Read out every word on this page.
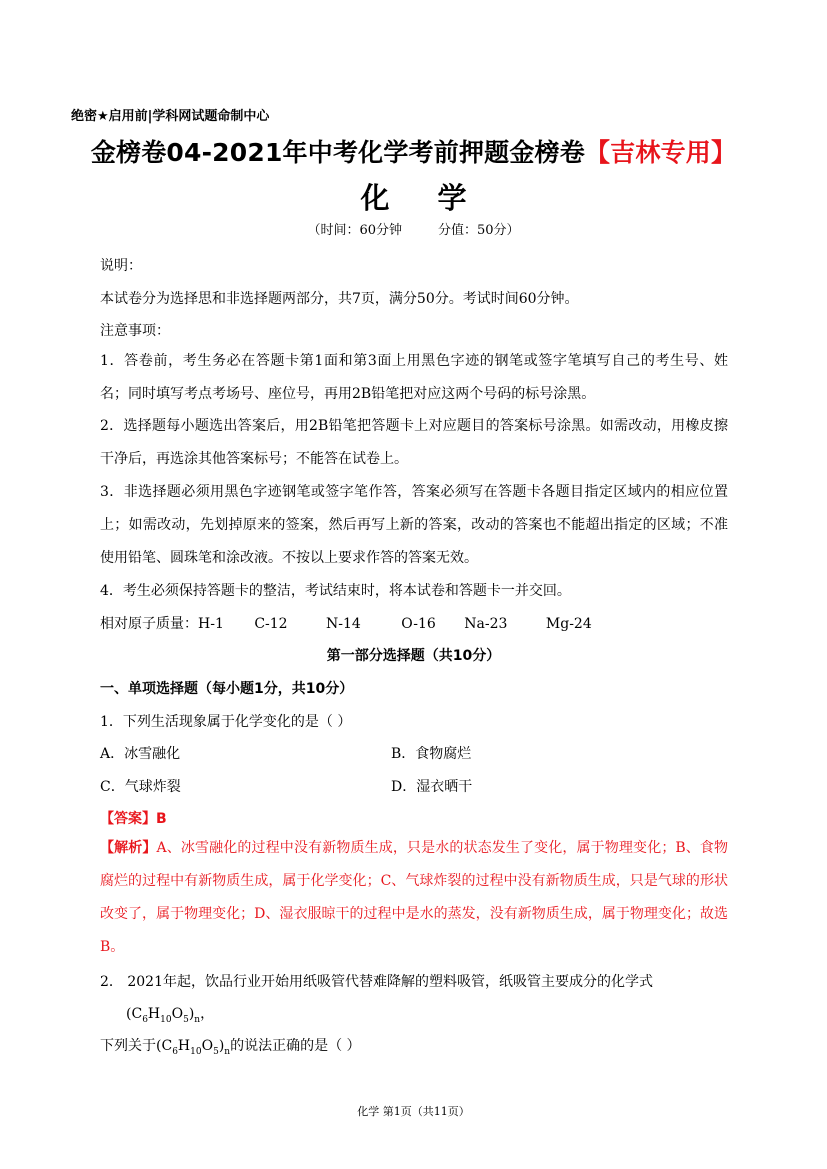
绝密★启用前|学科网试题命制中心
金榜卷04-2021年中考化学考前押题金榜卷【吉林专用】
化 学
（时间：60分钟	分值：50分）
说明：
本试卷分为选择思和非选择题两部分，共7页，满分50分。考试时间60分钟。
注意事项：
1．答卷前，考生务必在答题卡第1面和第3面上用黑色字迹的钢笔或签字笔填写自己的考生号、姓名；同时填写考点考场号、座位号，再用2B铅笔把对应这两个号码的标号涂黑。
2．选择题每小题选出答案后，用2B铅笔把答题卡上对应题目的答案标号涂黑。如需改动，用橡皮擦干净后，再选涂其他答案标号；不能答在试卷上。
3．非选择题必须用黑色字迹钢笔或签字笔作答，答案必须写在答题卡各题目指定区域内的相应位置上；如需改动，先划掉原来的签案，然后再写上新的答案，改动的答案也不能超出指定的区域；不准使用铅笔、圆珠笔和涂改液。不按以上要求作答的答案无效。
4．考生必须保持答题卡的整洁，考试结束时，将本试卷和答题卡一并交回。
相对原子质量：H-1 C-12	N-14	O-16 Na-23	Mg-24
第一部分选择题（共10分）
一、单项选择题（每小题1分，共10分）
1．下列生活现象属于化学变化的是（ ）
A．冰雪融化	B．食物腐烂
C．气球炸裂	D．湿衣晒干
【答案】B
【解析】A、冰雪融化的过程中没有新物质生成，只是水的状态发生了变化，属于物理变化；B、食物腐烂的过程中有新物质生成，属于化学变化；C、气球炸裂的过程中没有新物质生成，只是气球的形状改变了，属于物理变化；D、湿衣服晾干的过程中是水的蒸发，没有新物质生成，属于物理变化；故选B。
2． 2021年起，饮品行业开始用纸吸管代替难降解的塑料吸管，纸吸管主要成分的化学式
$(C_6H_{10}O_5)_n$，
下列关于$(C_6H_{10}O_5)_n$的说法正确的是（ ）
化学 第1页（共11页）
